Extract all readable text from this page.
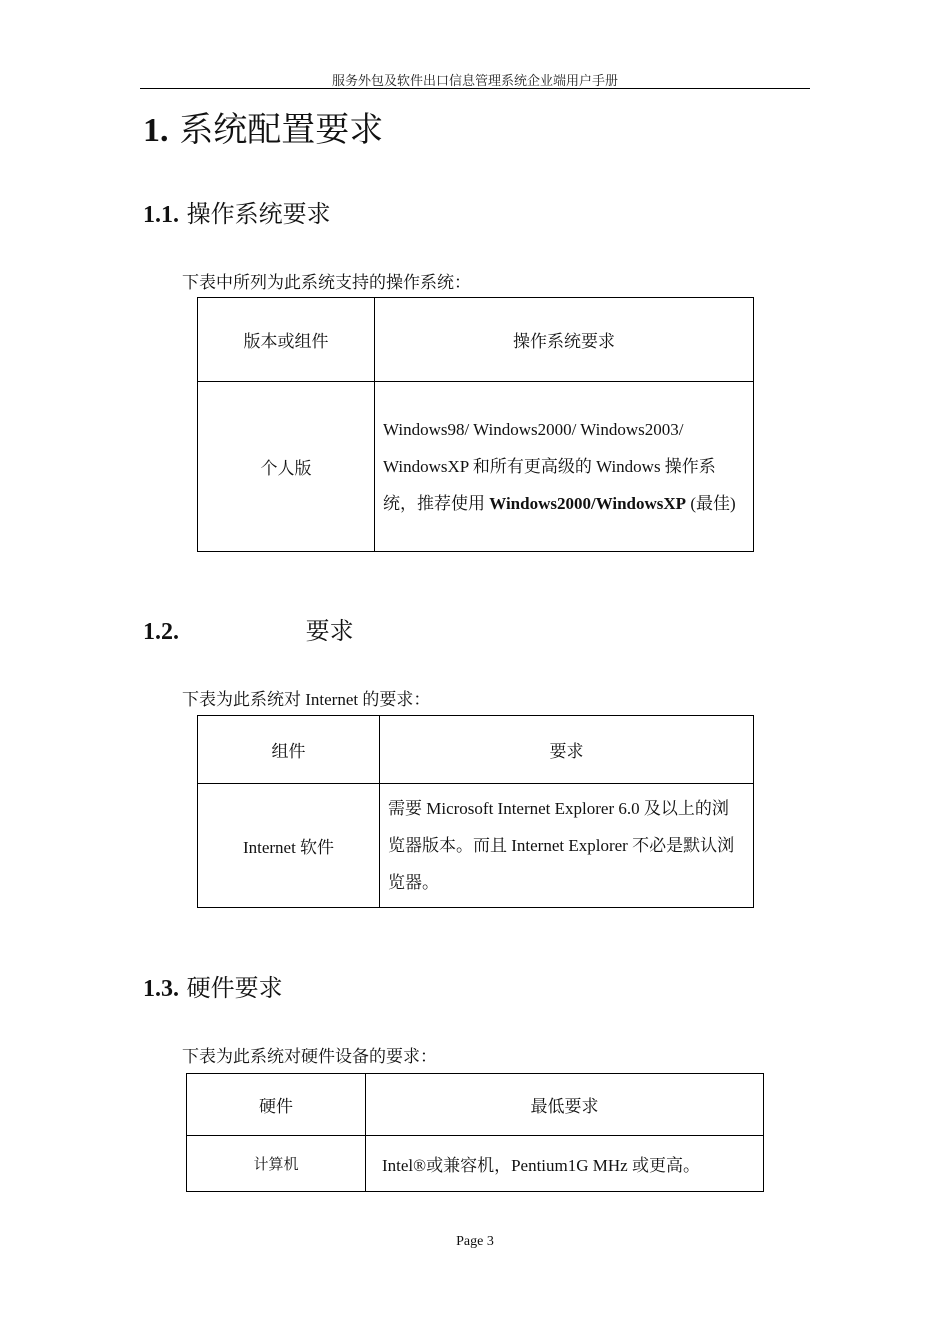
服务外包及软件出口信息管理系统企业端用户手册
1. 系统配置要求
1.1. 操作系统要求
下表中所列为此系统支持的操作系统：
版本或组件	操作系统要求
个人版	Windows98/ Windows2000/ Windows2003/ WindowsXP 和所有更高级的 Windows 操作系统，推荐使用 Windows2000/WindowsXP (最佳)
1.2.	要求
下表为此系统对 Internet 的要求：
组件	要求
Internet 软件	需要 Microsoft Internet Explorer 6.0 及以上的浏览器版本。而且 Internet Explorer 不必是默认浏览器。
1.3. 硬件要求
下表为此系统对硬件设备的要求：
硬件	最低要求
计算机	Intel®或兼容机，Pentium1G MHz 或更高。
Page 3
